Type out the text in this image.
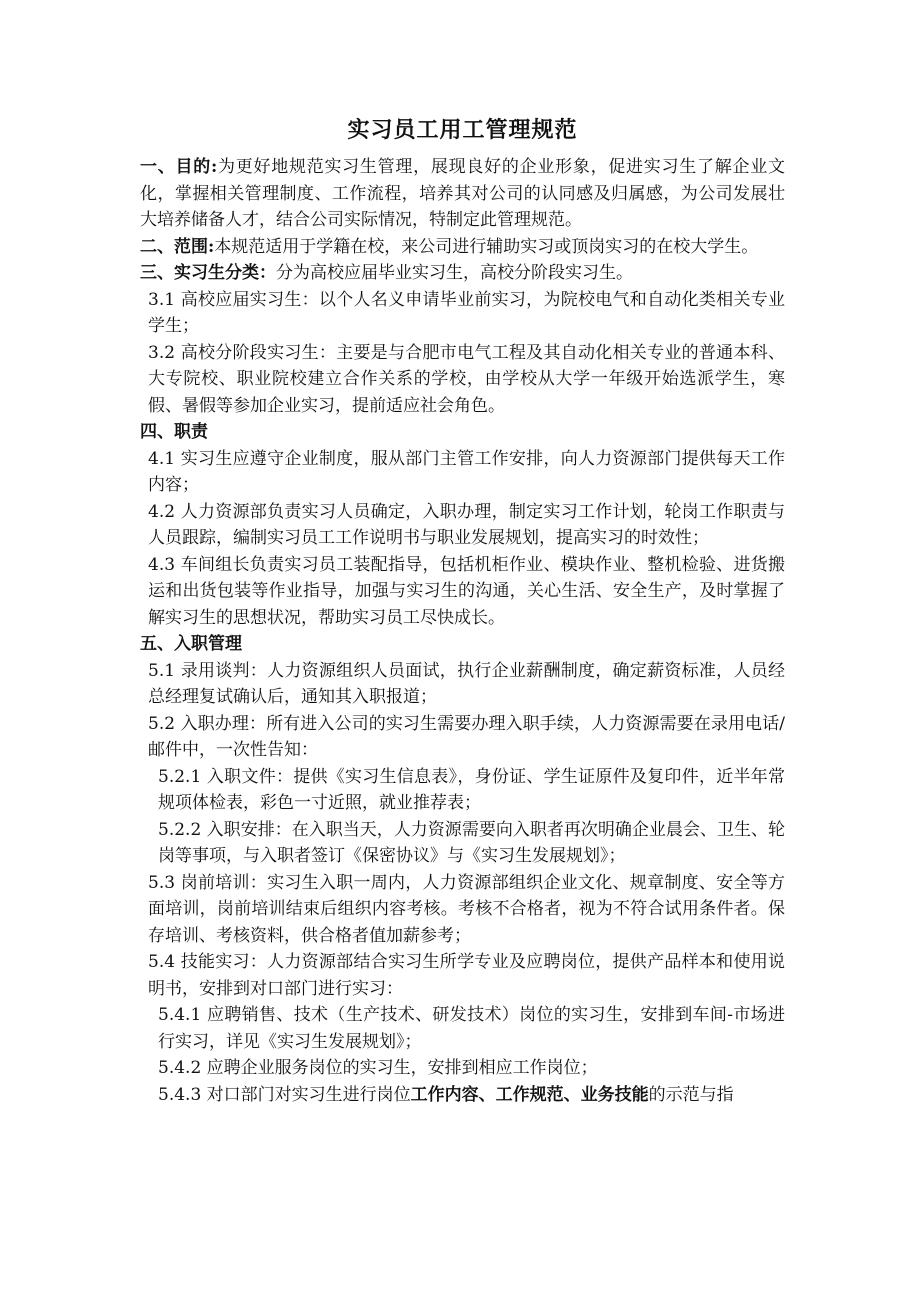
实习员工用工管理规范

一、目的:为更好地规范实习生管理，展现良好的企业形象，促进实习生了解企业文化，掌握相关管理制度、工作流程，培养其对公司的认同感及归属感，为公司发展壮大培养储备人才，结合公司实际情况，特制定此管理规范。

二、范围:本规范适用于学籍在校，来公司进行辅助实习或顶岗实习的在校大学生。

三、实习生分类：分为高校应届毕业实习生，高校分阶段实习生。

3.1 高校应届实习生：以个人名义申请毕业前实习，为院校电气和自动化类相关专业学生；

3.2 高校分阶段实习生：主要是与合肥市电气工程及其自动化相关专业的普通本科、大专院校、职业院校建立合作关系的学校，由学校从大学一年级开始选派学生，寒假、暑假等参加企业实习，提前适应社会角色。

四、职责

4.1 实习生应遵守企业制度，服从部门主管工作安排，向人力资源部门提供每天工作内容；

4.2 人力资源部负责实习人员确定，入职办理，制定实习工作计划，轮岗工作职责与人员跟踪，编制实习员工工作说明书与职业发展规划，提高实习的时效性；

4.3 车间组长负责实习员工装配指导，包括机柜作业、模块作业、整机检验、进货搬运和出货包装等作业指导，加强与实习生的沟通，关心生活、安全生产，及时掌握了解实习生的思想状况，帮助实习员工尽快成长。

五、入职管理

5.1 录用谈判：人力资源组织人员面试，执行企业薪酬制度，确定薪资标准，人员经总经理复试确认后，通知其入职报道；

5.2 入职办理：所有进入公司的实习生需要办理入职手续，人力资源需要在录用电话/邮件中，一次性告知：

5.2.1 入职文件：提供《实习生信息表》，身份证、学生证原件及复印件，近半年常规项体检表，彩色一寸近照，就业推荐表；

5.2.2 入职安排：在入职当天，人力资源需要向入职者再次明确企业晨会、卫生、轮岗等事项，与入职者签订《保密协议》与《实习生发展规划》；

5.3 岗前培训：实习生入职一周内，人力资源部组织企业文化、规章制度、安全等方面培训，岗前培训结束后组织内容考核。考核不合格者，视为不符合试用条件者。保存培训、考核资料，供合格者值加薪参考；

5.4 技能实习：人力资源部结合实习生所学专业及应聘岗位，提供产品样本和使用说明书，安排到对口部门进行实习：

5.4.1 应聘销售、技术（生产技术、研发技术）岗位的实习生，安排到车间-市场进行实习，详见《实习生发展规划》；

5.4.2 应聘企业服务岗位的实习生，安排到相应工作岗位；

5.4.3 对口部门对实习生进行岗位工作内容、工作规范、业务技能的示范与指
